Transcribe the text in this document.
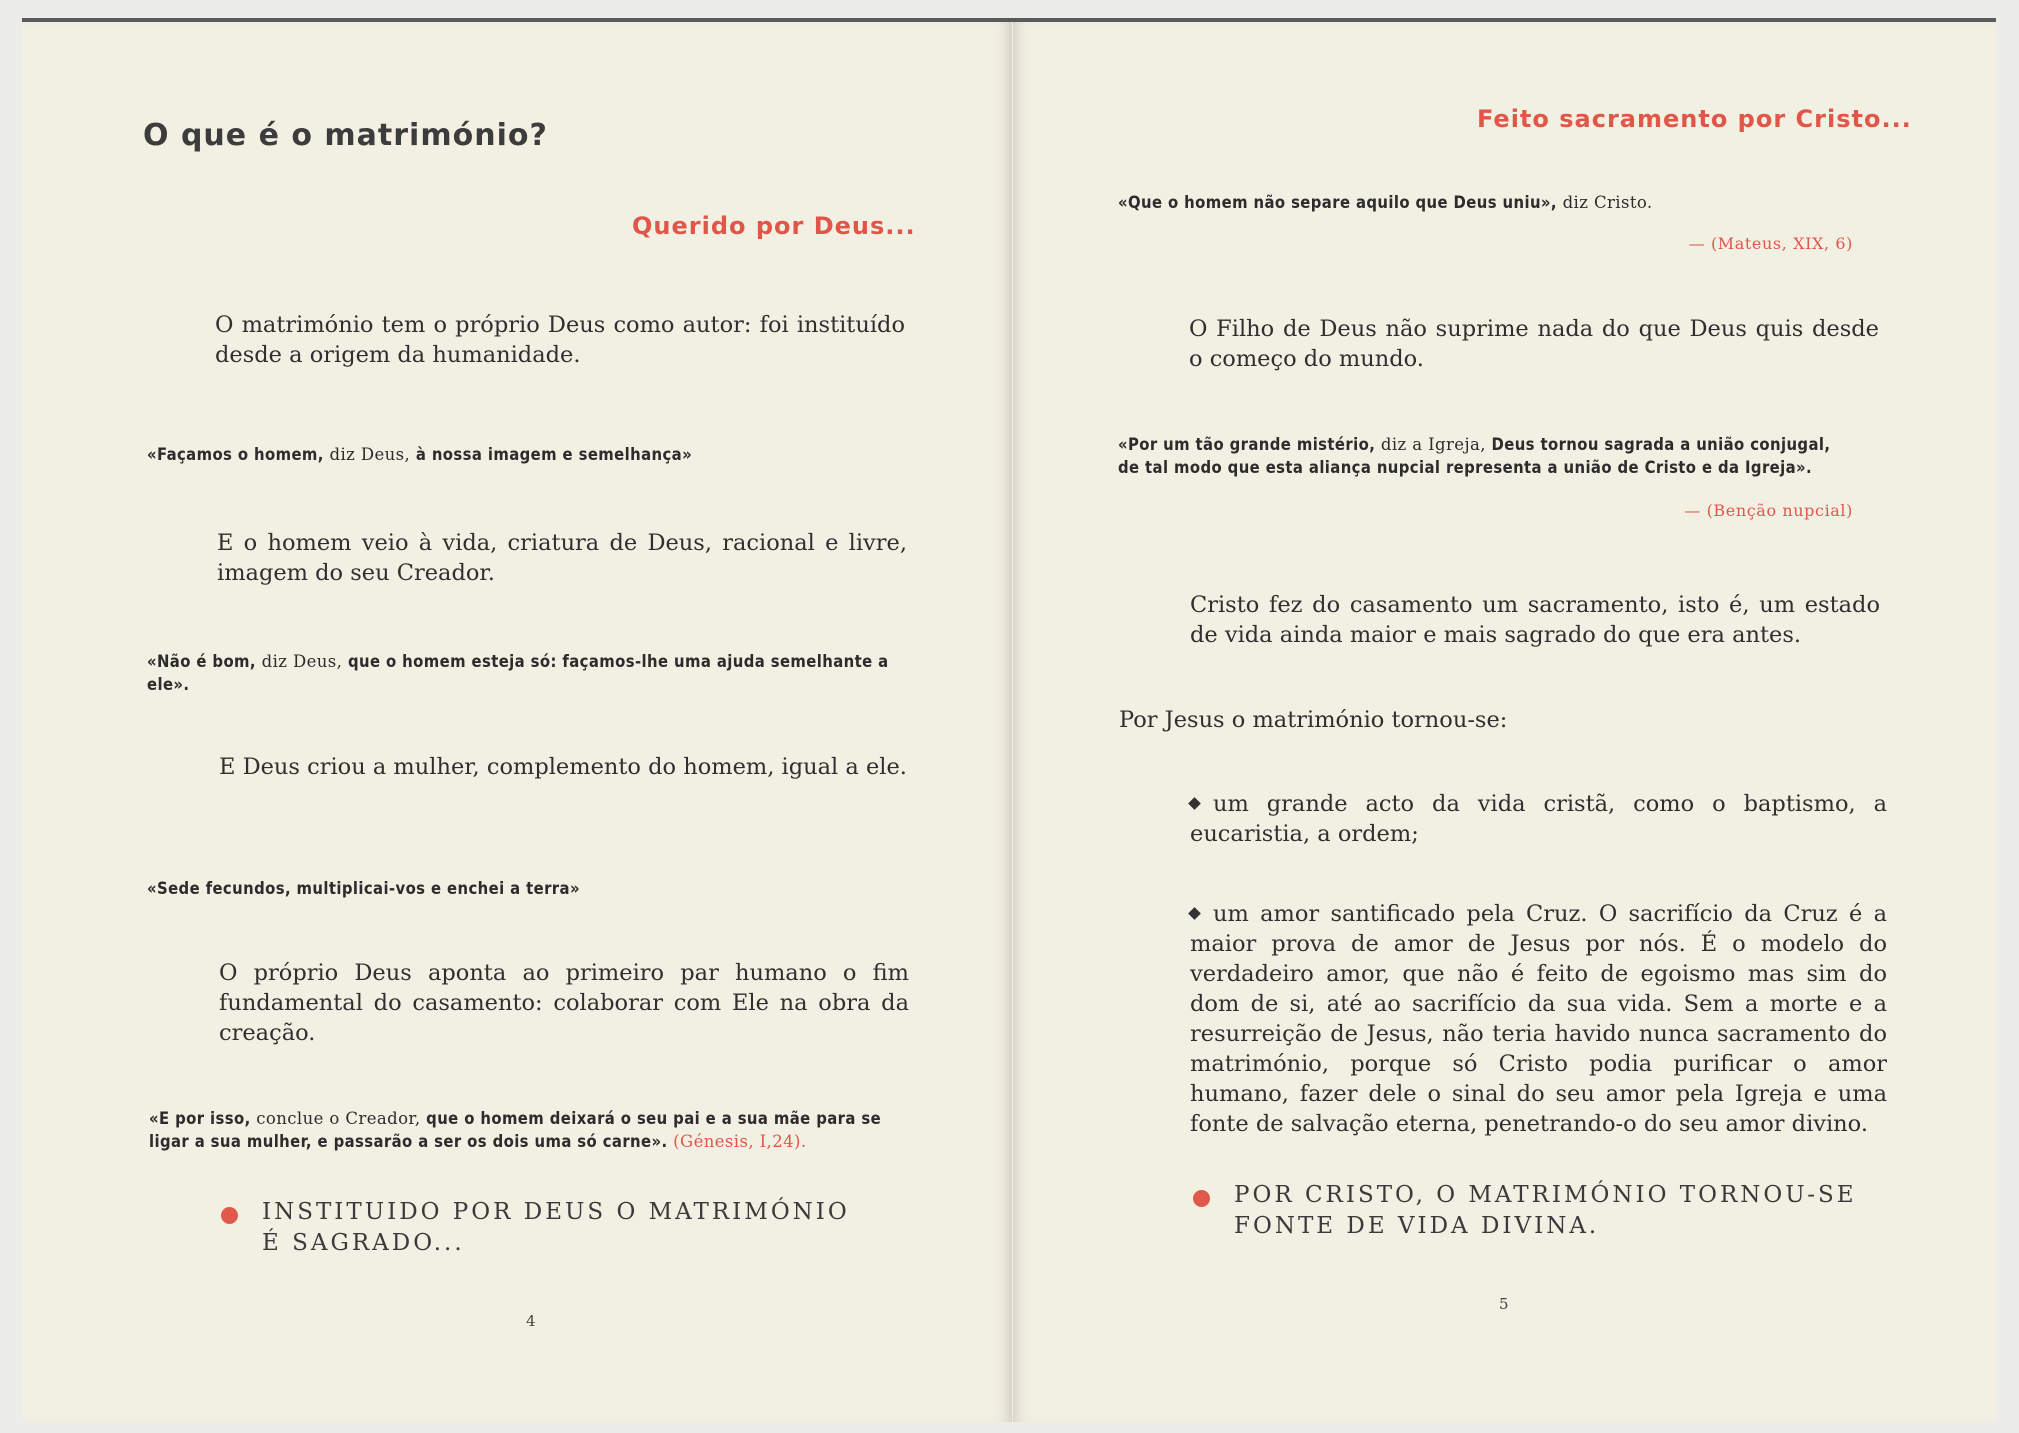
O que é o matrimónio?
Querido por Deus...
O matrimónio tem o próprio Deus como autor: foi instituído desde a origem da humanidade.
«Façamos o homem, diz Deus, à nossa imagem e semelhança»
E o homem veio à vida, criatura de Deus, racional e livre, imagem do seu Creador.
«Não é bom, diz Deus, que o homem esteja só: façamos-lhe uma ajuda semelhante a ele».
E Deus criou a mulher, complemento do homem, igual a ele.
«Sede fecundos, multiplicai-vos e enchei a terra»
O próprio Deus aponta ao primeiro par humano o fim fundamental do casamento: colaborar com Ele na obra da creação.
«E por isso, conclue o Creador, que o homem deixará o seu pai e a sua mãe para se ligar a sua mulher, e passarão a ser os dois uma só carne». (Génesis, I,24).
INSTITUIDO POR DEUS O MATRIMÓNIO
É SAGRADO...
4
Feito sacramento por Cristo...
«Que o homem não separe aquilo que Deus uniu», diz Cristo.
— (Mateus, XIX, 6)
O Filho de Deus não suprime nada do que Deus quis desde o começo do mundo.
«Por um tão grande mistério, diz a Igreja, Deus tornou sagrada a união conjugal, de tal modo que esta aliança nupcial representa a união de Cristo e da Igreja».
— (Benção nupcial)
Cristo fez do casamento um sacramento, isto é, um estado de vida ainda maior e mais sagrado do que era antes.
Por Jesus o matrimónio tornou-se:
um grande acto da vida cristã, como o baptismo, a eucaristia, a ordem;
um amor santificado pela Cruz. O sacrifício da Cruz é a maior prova de amor de Jesus por nós. É o modelo do verdadeiro amor, que não é feito de egoismo mas sim do dom de si, até ao sacrifício da sua vida. Sem a morte e a resurreição de Jesus, não teria havido nunca sacramento do matrimónio, porque só Cristo podia purificar o amor humano, fazer dele o sinal do seu amor pela Igreja e uma fonte de salvação eterna, penetrando-o do seu amor divino.
POR CRISTO, O MATRIMÓNIO TORNOU-SE
FONTE DE VIDA DIVINA.
5
